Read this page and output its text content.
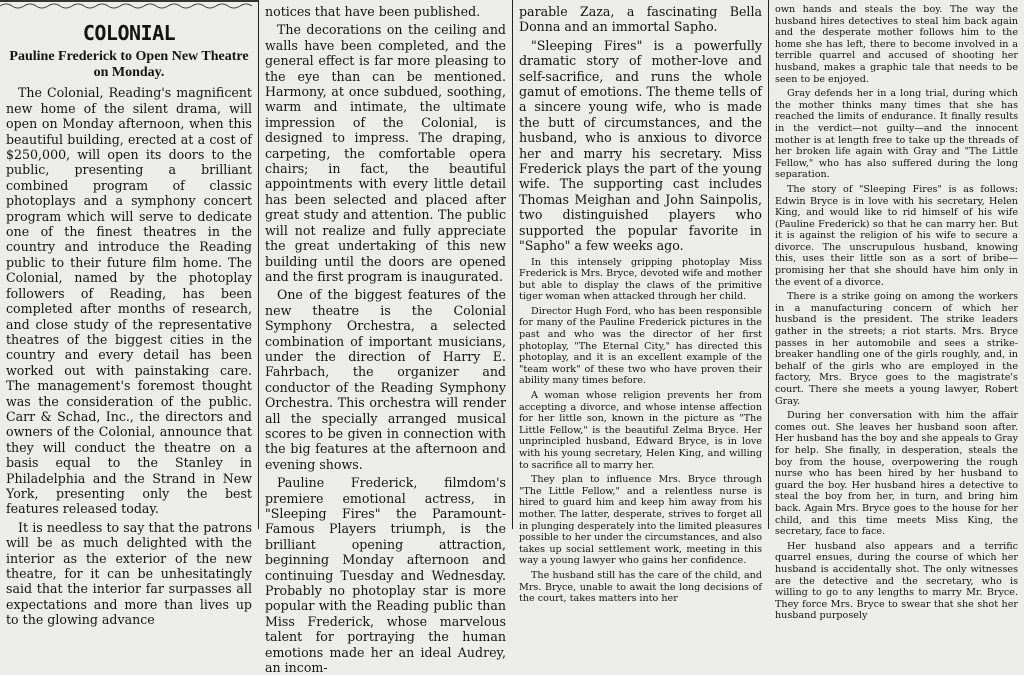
COLONIAL
Pauline Frederick to Open New Theatre on Monday.

The Colonial, Reading's magnificent new home of the silent drama, will open on Monday afternoon, when this beautiful building, erected at a cost of $250,000, will open its doors to the public, presenting a brilliant combined program of classic photoplays and a symphony concert program which will serve to dedicate one of the finest theatres in the country and introduce the Reading public to their future film home. The Colonial, named by the photoplay followers of Reading, has been completed after months of research, and close study of the representative theatres of the biggest cities in the country and every detail has been worked out with painstaking care. The management's foremost thought was the consideration of the public. Carr & Schad, Inc., the directors and owners of the Colonial, announce that they will conduct the theatre on a basis equal to the Stanley in Philadelphia and the Strand in New York, presenting only the best features released today.

It is needless to say that the patrons will be as much delighted with the interior as the exterior of the new theatre, for it can be unhesitatingly said that the interior far surpasses all expectations and more than lives up to the glowing advance

notices that have been published.

The decorations on the ceiling and walls have been completed, and the general effect is far more pleasing to the eye than can be mentioned. Harmony, at once subdued, soothing, warm and intimate, the ultimate impression of the Colonial, is designed to impress. The draping, carpeting, the comfortable opera chairs; in fact, the beautiful appointments with every little detail has been selected and placed after great study and attention. The public will not realize and fully appreciate the great undertaking of this new building until the doors are opened and the first program is inaugurated.

One of the biggest features of the new theatre is the Colonial Symphony Orchestra, a selected combination of important musicians, under the direction of Harry E. Fahrbach, the organizer and conductor of the Reading Symphony Orchestra. This orchestra will render all the specially arranged musical scores to be given in connection with the big features at the afternoon and evening shows.

Pauline Frederick, filmdom's premiere emotional actress, in "Sleeping Fires" the Paramount-Famous Players triumph, is the brilliant opening attraction, beginning Monday afternoon and continuing Tuesday and Wednesday. Probably no photoplay star is more popular with the Reading public than Miss Frederick, whose marvelous talent for portraying the human emotions made her an ideal Audrey, an incom-

parable Zaza, a fascinating Bella Donna and an immortal Sapho.

"Sleeping Fires" is a powerfully dramatic story of mother-love and self-sacrifice, and runs the whole gamut of emotions. The theme tells of a sincere young wife, who is made the butt of circumstances, and the husband, who is anxious to divorce her and marry his secretary. Miss Frederick plays the part of the young wife. The supporting cast includes Thomas Meighan and John Sainpolis, two distinguished players who supported the popular favorite in "Sapho" a few weeks ago.

In this intensely gripping photoplay Miss Frederick is Mrs. Bryce, devoted wife and mother but able to display the claws of the primitive tiger woman when attacked through her child.

Director Hugh Ford, who has been responsible for many of the Pauline Frederick pictures in the past and who was the director of her first photoplay, "The Eternal City," has directed this photoplay, and it is an excellent example of the "team work" of these two who have proven their ability many times before.

A woman whose religion prevents her from accepting a divorce, and whose intense affection for her little son, known in the picture as "The Little Fellow," is the beautiful Zelma Bryce. Her unprincipled husband, Edward Bryce, is in love with his young secretary, Helen King, and willing to sacrifice all to marry her.

They plan to influence Mrs. Bryce through "The Little Fellow," and a relentless nurse is hired to guard him and keep him away from his mother. The latter, desperate, strives to forget all in plunging desperately into the limited pleasures possible to her under the circumstances, and also takes up social settlement work, meeting in this way a young lawyer who gains her confidence.

The husband still has the care of the child, and Mrs. Bryce, unable to await the long decisions of the court, takes matters into her

own hands and steals the boy. The way the husband hires detectives to steal him back again and the desperate mother follows him to the home she has left, there to become involved in a terrible quarrel and accused of shooting her husband, makes a graphic tale that needs to be seen to be enjoyed.

Gray defends her in a long trial, during which the mother thinks many times that she has reached the limits of endurance. It finally results in the verdict—not guilty—and the innocent mother is at length free to take up the threads of her broken life again with Gray and "The Little Fellow," who has also suffered during the long separation.

The story of "Sleeping Fires" is as follows: Edwin Bryce is in love with his secretary, Helen King, and would like to rid himself of his wife (Pauline Frederick) so that he can marry her. But it is against the religion of his wife to secure a divorce. The unscrupulous husband, knowing this, uses their little son as a sort of bribe—promising her that she should have him only in the event of a divorce.

There is a strike going on among the workers in a manufacturing concern of which her husband is the president. The strike leaders gather in the streets; a riot starts. Mrs. Bryce passes in her automobile and sees a strike-breaker handling one of the girls roughly, and, in behalf of the girls who are employed in the factory, Mrs. Bryce goes to the magistrate's court. There she meets a young lawyer, Robert Gray.

During her conversation with him the affair comes out. She leaves her husband soon after. Her husband has the boy and she appeals to Gray for help. She finally, in desperation, steals the boy from the house, overpowering the rough nurse who has been hired by her husband to guard the boy. Her husband hires a detective to steal the boy from her, in turn, and bring him back. Again Mrs. Bryce goes to the house for her child, and this time meets Miss King, the secretary, face to face.

Her husband also appears and a terrific quarrel ensues, during the course of which her husband is accidentally shot. The only witnesses are the detective and the secretary, who is willing to go to any lengths to marry Mr. Bryce. They force Mrs. Bryce to swear that she shot her husband purposely
